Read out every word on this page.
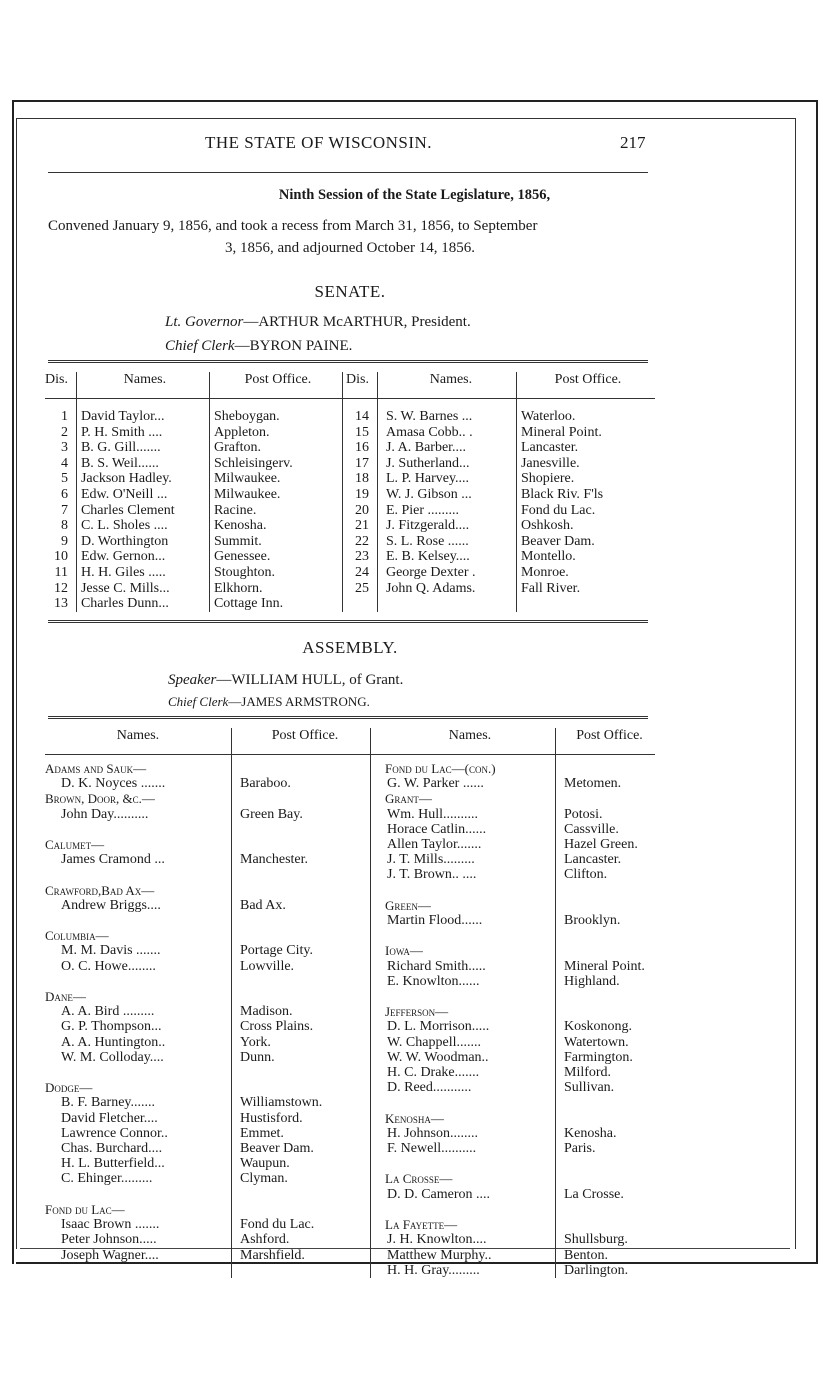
THE STATE OF WISCONSIN.	217
Ninth Session of the State Legislature, 1856,
Convened January 9, 1856, and took a recess from March 31, 1856, to September
3, 1856, and adjourned October 14, 1856.
SENATE.
Lt. Governor—ARTHUR McARTHUR, President.
Chief Clerk—BYRON PAINE.
Dis.	Names.	Post Office.	Dis.	Names.	Post Office.
1	David Taylor...	Sheboygan.	14	S. W. Barnes ...	Waterloo.
2	P. H. Smith ....	Appleton.	15	Amasa Cobb.. .	Mineral Point.
3	B. G. Gill.......	Grafton.	16	J. A. Barber....	Lancaster.
4	B. S. Weil......	Schleisingerv.	17	J. Sutherland...	Janesville.
5	Jackson Hadley.	Milwaukee.	18	L. P. Harvey....	Shopiere.
6	Edw. O'Neill ...	Milwaukee.	19	W. J. Gibson ...	Black Riv. F'ls
7	Charles Clement	Racine.	20	E. Pier .........	Fond du Lac.
8	C. L. Sholes ....	Kenosha.	21	J. Fitzgerald....	Oshkosh.
9	D. Worthington	Summit.	22	S. L. Rose ......	Beaver Dam.
10	Edw. Gernon...	Genessee.	23	E. B. Kelsey....	Montello.
11	H. H. Giles .....	Stoughton.	24	George Dexter .	Monroe.
12	Jesse C. Mills...	Elkhorn.	25	John Q. Adams.	Fall River.
13	Charles Dunn...	Cottage Inn.			
ASSEMBLY.
Speaker—WILLIAM HULL, of Grant.
Chief Clerk—JAMES ARMSTRONG.
Names.	Post Office.	Names.	Post Office.

Adams and Sauk—		Fond du Lac—(con.)	
D. K. Noyces .......	Baraboo.	G. W. Parker ......	Metomen.

Brown, Door, &c.—		Grant—	
John Day..........	Green Bay.	Wm. Hull..........	Potosi.
		Horace Catlin......	Cassville.
Calumet—		Allen Taylor.......	Hazel Green.
James Cramond ...	Manchester.	J. T. Mills.........	Lancaster.
		J. T. Brown.. ....	Clifton.
Crawford,Bad Ax—			
Andrew Briggs....	Bad Ax.	Green—	
		Martin Flood......	Brooklyn.
Columbia—			
M. M. Davis .......	Portage City.	Iowa—	
O. C. Howe........	Lowville.	Richard Smith.....	Mineral Point.
		E. Knowlton......	Highland.
Dane—			
A. A. Bird .........	Madison.	Jefferson—	
G. P. Thompson...	Cross Plains.	D. L. Morrison.....	Koskonong.
A. A. Huntington..	York.	W. Chappell.......	Watertown.
W. M. Colloday....	Dunn.	W. W. Woodman..	Farmington.
		H. C. Drake.......	Milford.
Dodge—		D. Reed...........	Sullivan.
B. F. Barney.......	Williamstown.		
David Fletcher....	Hustisford.	Kenosha—	
Lawrence Connor..	Emmet.	H. Johnson........	Kenosha.
Chas. Burchard....	Beaver Dam.	F. Newell..........	Paris.
H. L. Butterfield...	Waupun.		
C. Ehinger.........	Clyman.	La Crosse—	
		D. D. Cameron ....	La Crosse.
Fond du Lac—			
Isaac Brown .......	Fond du Lac.	La Fayette—	
Peter Johnson.....	Ashford.	J. H. Knowlton....	Shullsburg.
Joseph Wagner....	Marshfield.	Matthew Murphy..	Benton.
		H. H. Gray.........	Darlington.
